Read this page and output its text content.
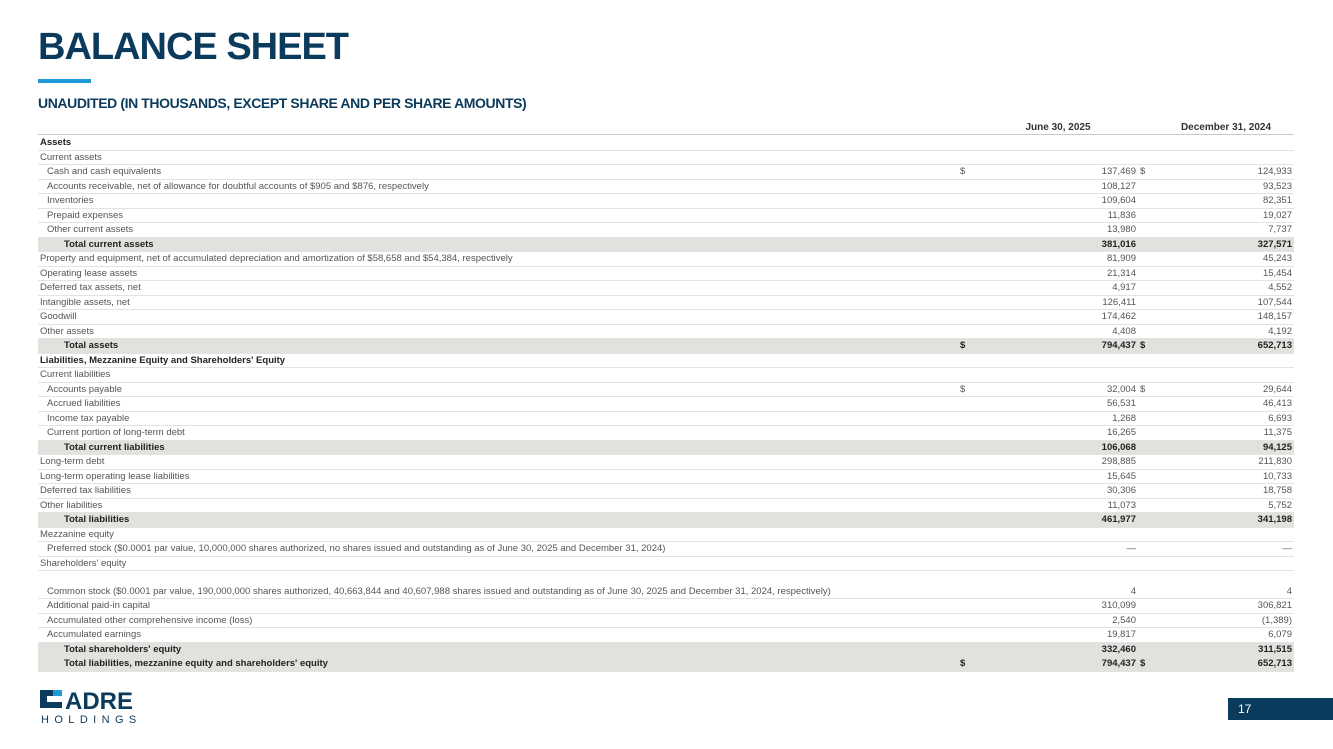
BALANCE SHEET
UNAUDITED (IN THOUSANDS, EXCEPT SHARE AND PER SHARE AMOUNTS)
June 30, 2025	December 31, 2024
Assets				
Current assets				
Cash and cash equivalents	$	137,469	$	124,933
Accounts receivable, net of allowance for doubtful accounts of $905 and $876, respectively		108,127		93,523
Inventories		109,604		82,351
Prepaid expenses		11,836		19,027
Other current assets		13,980		7,737
Total current assets		381,016		327,571
Property and equipment, net of accumulated depreciation and amortization of $58,658 and $54,384, respectively		81,909		45,243
Operating lease assets		21,314		15,454
Deferred tax assets, net		4,917		4,552
Intangible assets, net		126,411		107,544
Goodwill		174,462		148,157
Other assets		4,408		4,192
Total assets	$	794,437	$	652,713
Liabilities, Mezzanine Equity and Shareholders' Equity				
Current liabilities				
Accounts payable	$	32,004	$	29,644
Accrued liabilities		56,531		46,413
Income tax payable		1,268		6,693
Current portion of long-term debt		16,265		11,375
Total current liabilities		106,068		94,125
Long-term debt		298,885		211,830
Long-term operating lease liabilities		15,645		10,733
Deferred tax liabilities		30,306		18,758
Other liabilities		11,073		5,752
Total liabilities		461,977		341,198
Mezzanine equity				
Preferred stock ($0.0001 par value, 10,000,000 shares authorized, no shares issued and outstanding as of June 30, 2025 and December 31, 2024)		—		—
Shareholders' equity				
Common stock ($0.0001 par value, 190,000,000 shares authorized, 40,663,844 and 40,607,988 shares issued and outstanding as of June 30, 2025 and December 31, 2024, respectively)		4		4
Additional paid-in capital		310,099		306,821
Accumulated other comprehensive income (loss)		2,540		(1,389)
Accumulated earnings		19,817		6,079
Total shareholders' equity		332,460		311,515
Total liabilities, mezzanine equity and shareholders' equity	$	794,437	$	652,713
ADRE
HOLDINGS
17
